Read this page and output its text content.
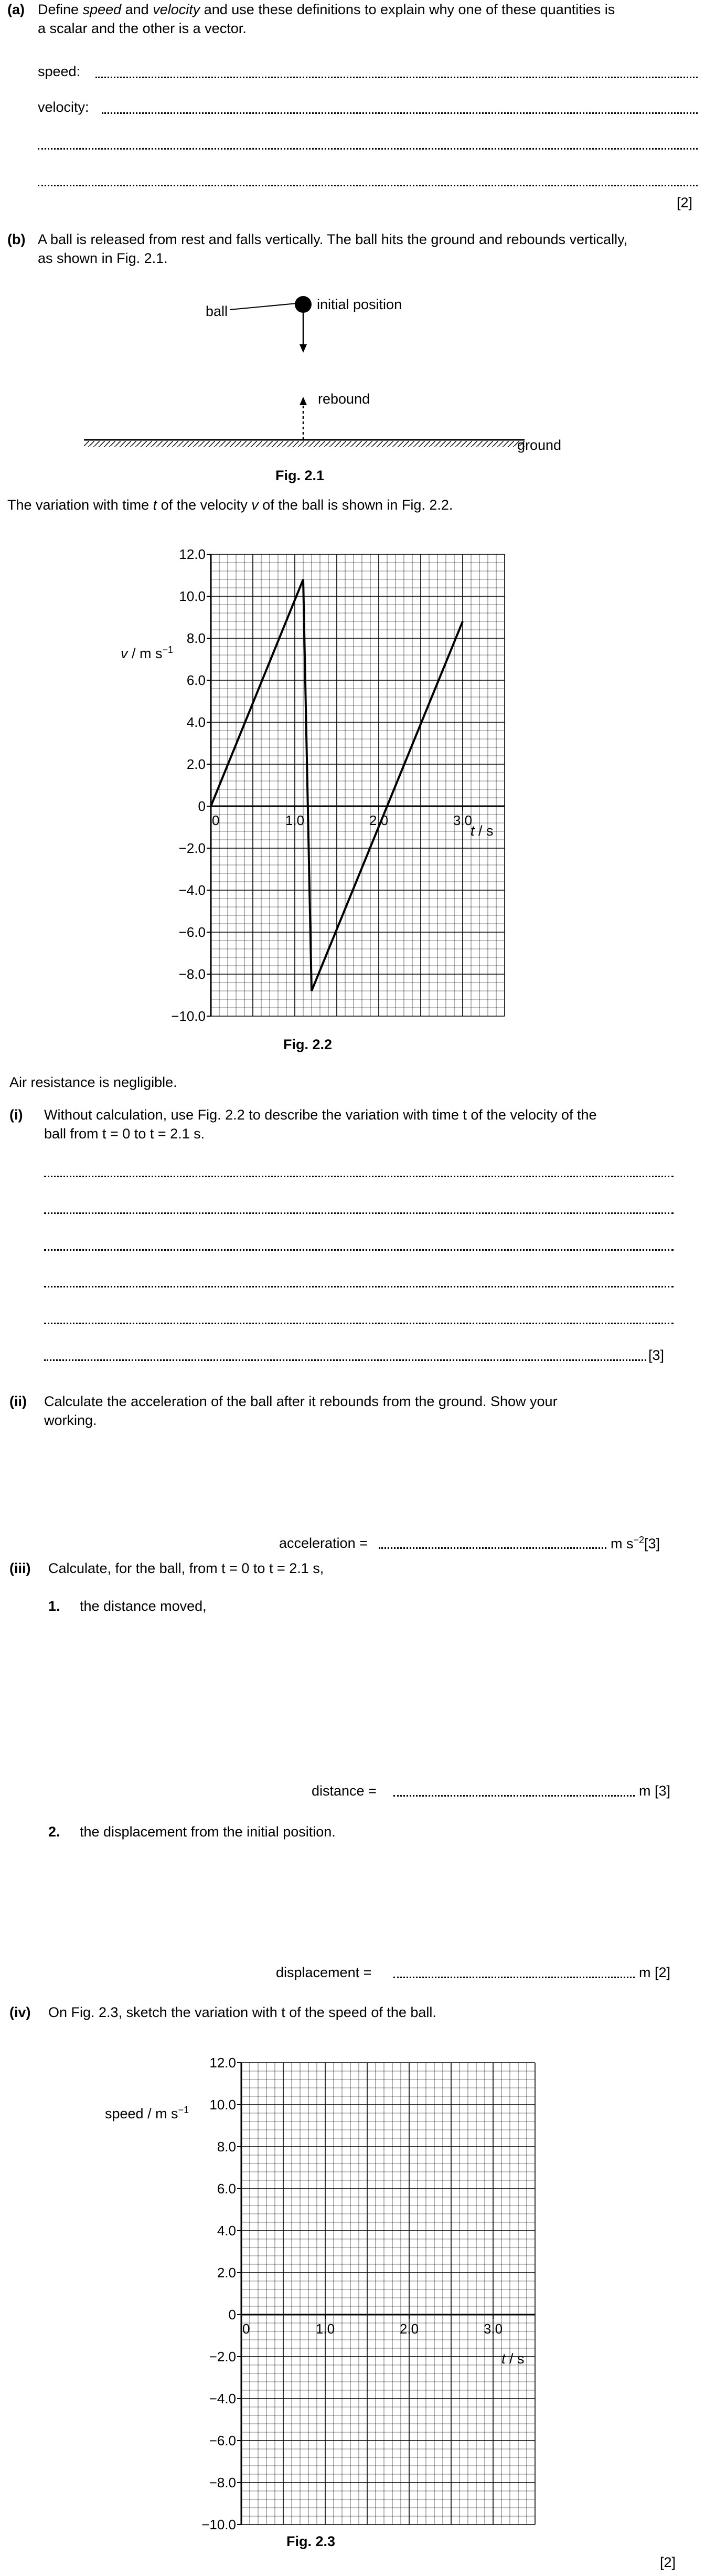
(a) Define speed and velocity and use these definitions to explain why one of these quantities is
a scalar and the other is a vector.
speed:
velocity:
[2]
(b) A ball is released from rest and falls vertically. The ball hits the ground and rebounds vertically,
as shown in Fig. 2.1.
ball	initial position
rebound
ground
Fig. 2.1
The variation with time t of the velocity v of the ball is shown in Fig. 2.2.
12.0
10.0
8.0
6.0
4.0
2.0
0
−2.0
−4.0
−6.0
−8.0
−10.0
0	1.0	2.0	3.0
v / m $s^{-1}$
t / s
Fig. 2.2
Air resistance is negligible.
(i) Without calculation, use Fig. 2.2 to describe the variation with time t of the velocity of the
ball from t = 0 to t = 2.1 s.
[3]
(ii) Calculate the acceleration of the ball after it rebounds from the ground. Show your
working.
acceleration =	m $s^{-2}[3]$
(iii) Calculate, for the ball, from t = 0 to t = 2.1 s,
1. the distance moved,
distance =	m [3]
2. the displacement from the initial position.
displacement =	m [2]
(iv) On Fig. 2.3, sketch the variation with t of the speed of the ball.
12.0
10.0
8.0
6.0
4.0
2.0
0
−2.0
−4.0
−6.0
−8.0
−10.0
0	1.0	2.0	3.0
speed / m $s^{-1}$
t / s
Fig. 2.3
[2]
